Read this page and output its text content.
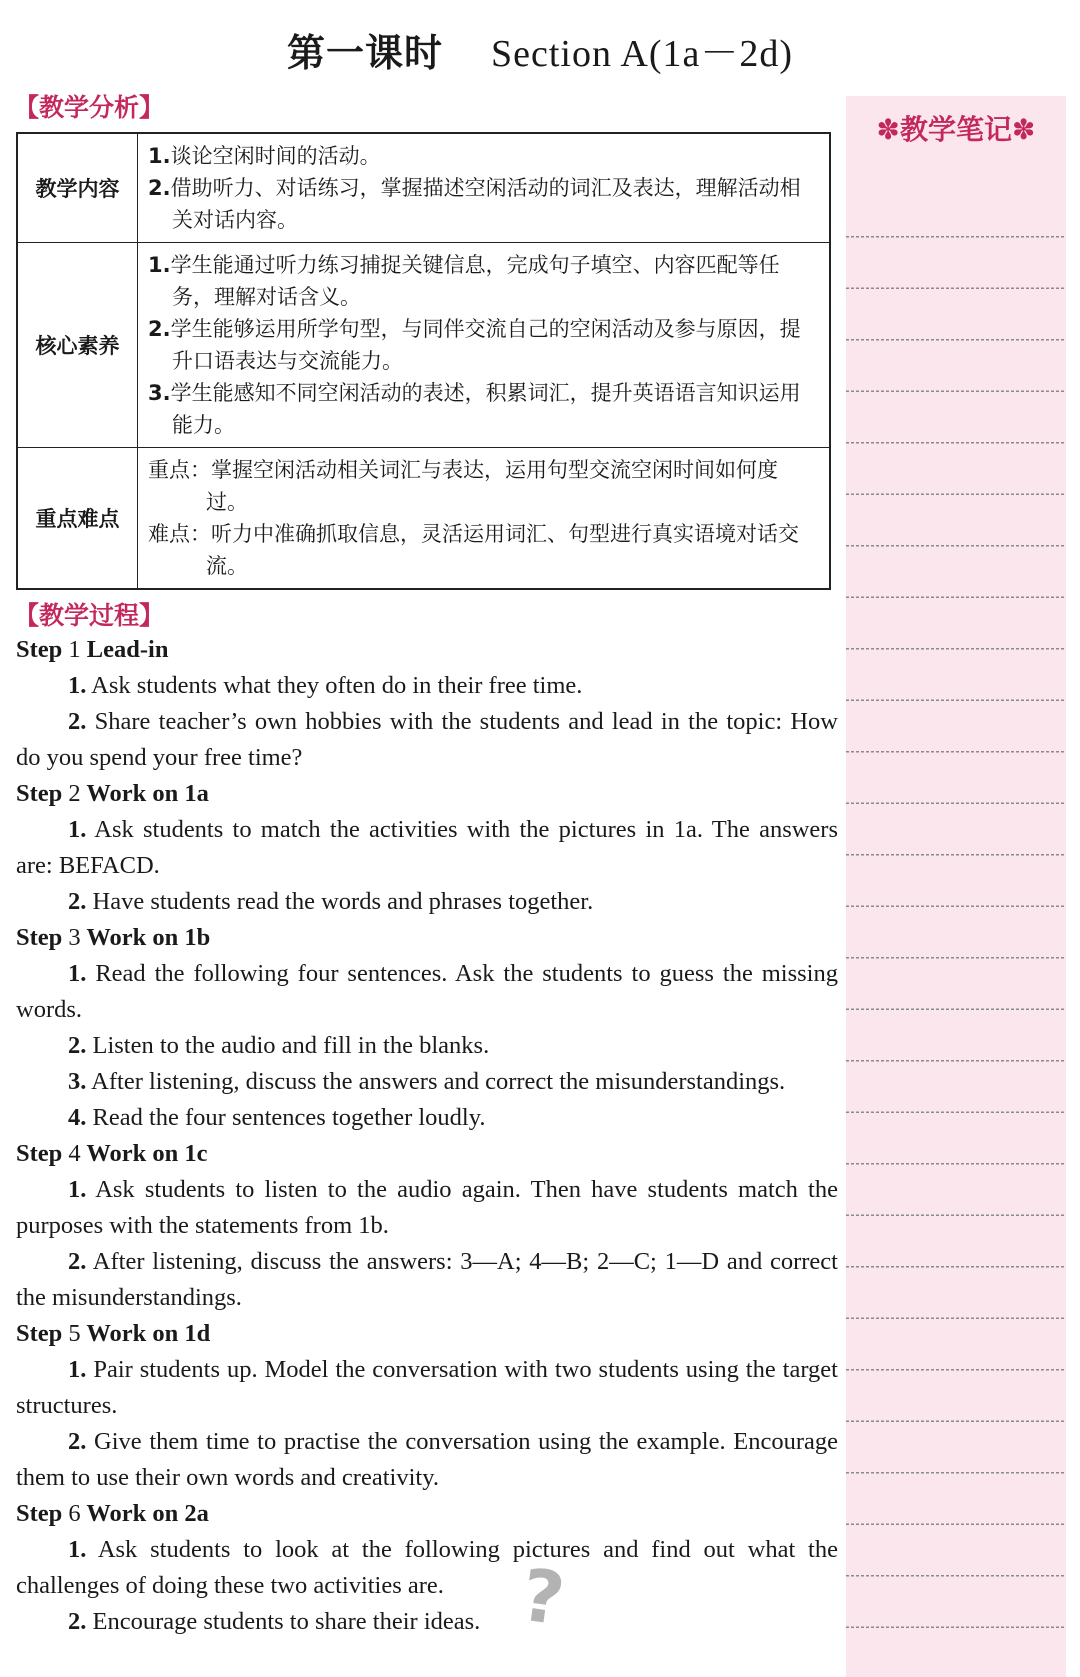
第一课时 Section A(1a－2d)
【教学分析】
教学内容	1.谈论空闲时间的活动。
2.借助听力、对话练习，掌握描述空闲活动的词汇及表达，理解活动相关对话内容。

核心素养	1.学生能通过听力练习捕捉关键信息，完成句子填空、内容匹配等任务，理解对话含义。
2.学生能够运用所学句型，与同伴交流自己的空闲活动及参与原因，提升口语表达与交流能力。
3.学生能感知不同空闲活动的表述，积累词汇，提升英语语言知识运用能力。

重点难点	重点：掌握空闲活动相关词汇与表达，运用句型交流空闲时间如何度过。
难点：听力中准确抓取信息，灵活运用词汇、句型进行真实语境对话交流。
【教学过程】
Step 1 Lead-in
1. Ask students what they often do in their free time.
2. Share teacher’s own hobbies with the students and lead in the topic: How do you spend your free time?
Step 2 Work on 1a
1. Ask students to match the activities with the pictures in 1a. The answers are: BEFACD.
2. Have students read the words and phrases together.
Step 3 Work on 1b
1. Read the following four sentences. Ask the students to guess the missing words.
2. Listen to the audio and fill in the blanks.
3. After listening, discuss the answers and correct the misunderstandings.
4. Read the four sentences together loudly.
Step 4 Work on 1c
1. Ask students to listen to the audio again. Then have students match the purposes with the statements from 1b.
2. After listening, discuss the answers: 3—A; 4—B; 2—C; 1—D and correct the misunderstandings.
Step 5 Work on 1d
1. Pair students up. Model the conversation with two students using the target structures.
2. Give them time to practise the conversation using the example. Encourage them to use their own words and creativity.
Step 6 Work on 2a
1. Ask students to look at the following pictures and find out what the challenges of doing these two activities are.
2. Encourage students to share their ideas.
✽教学笔记✽
?
